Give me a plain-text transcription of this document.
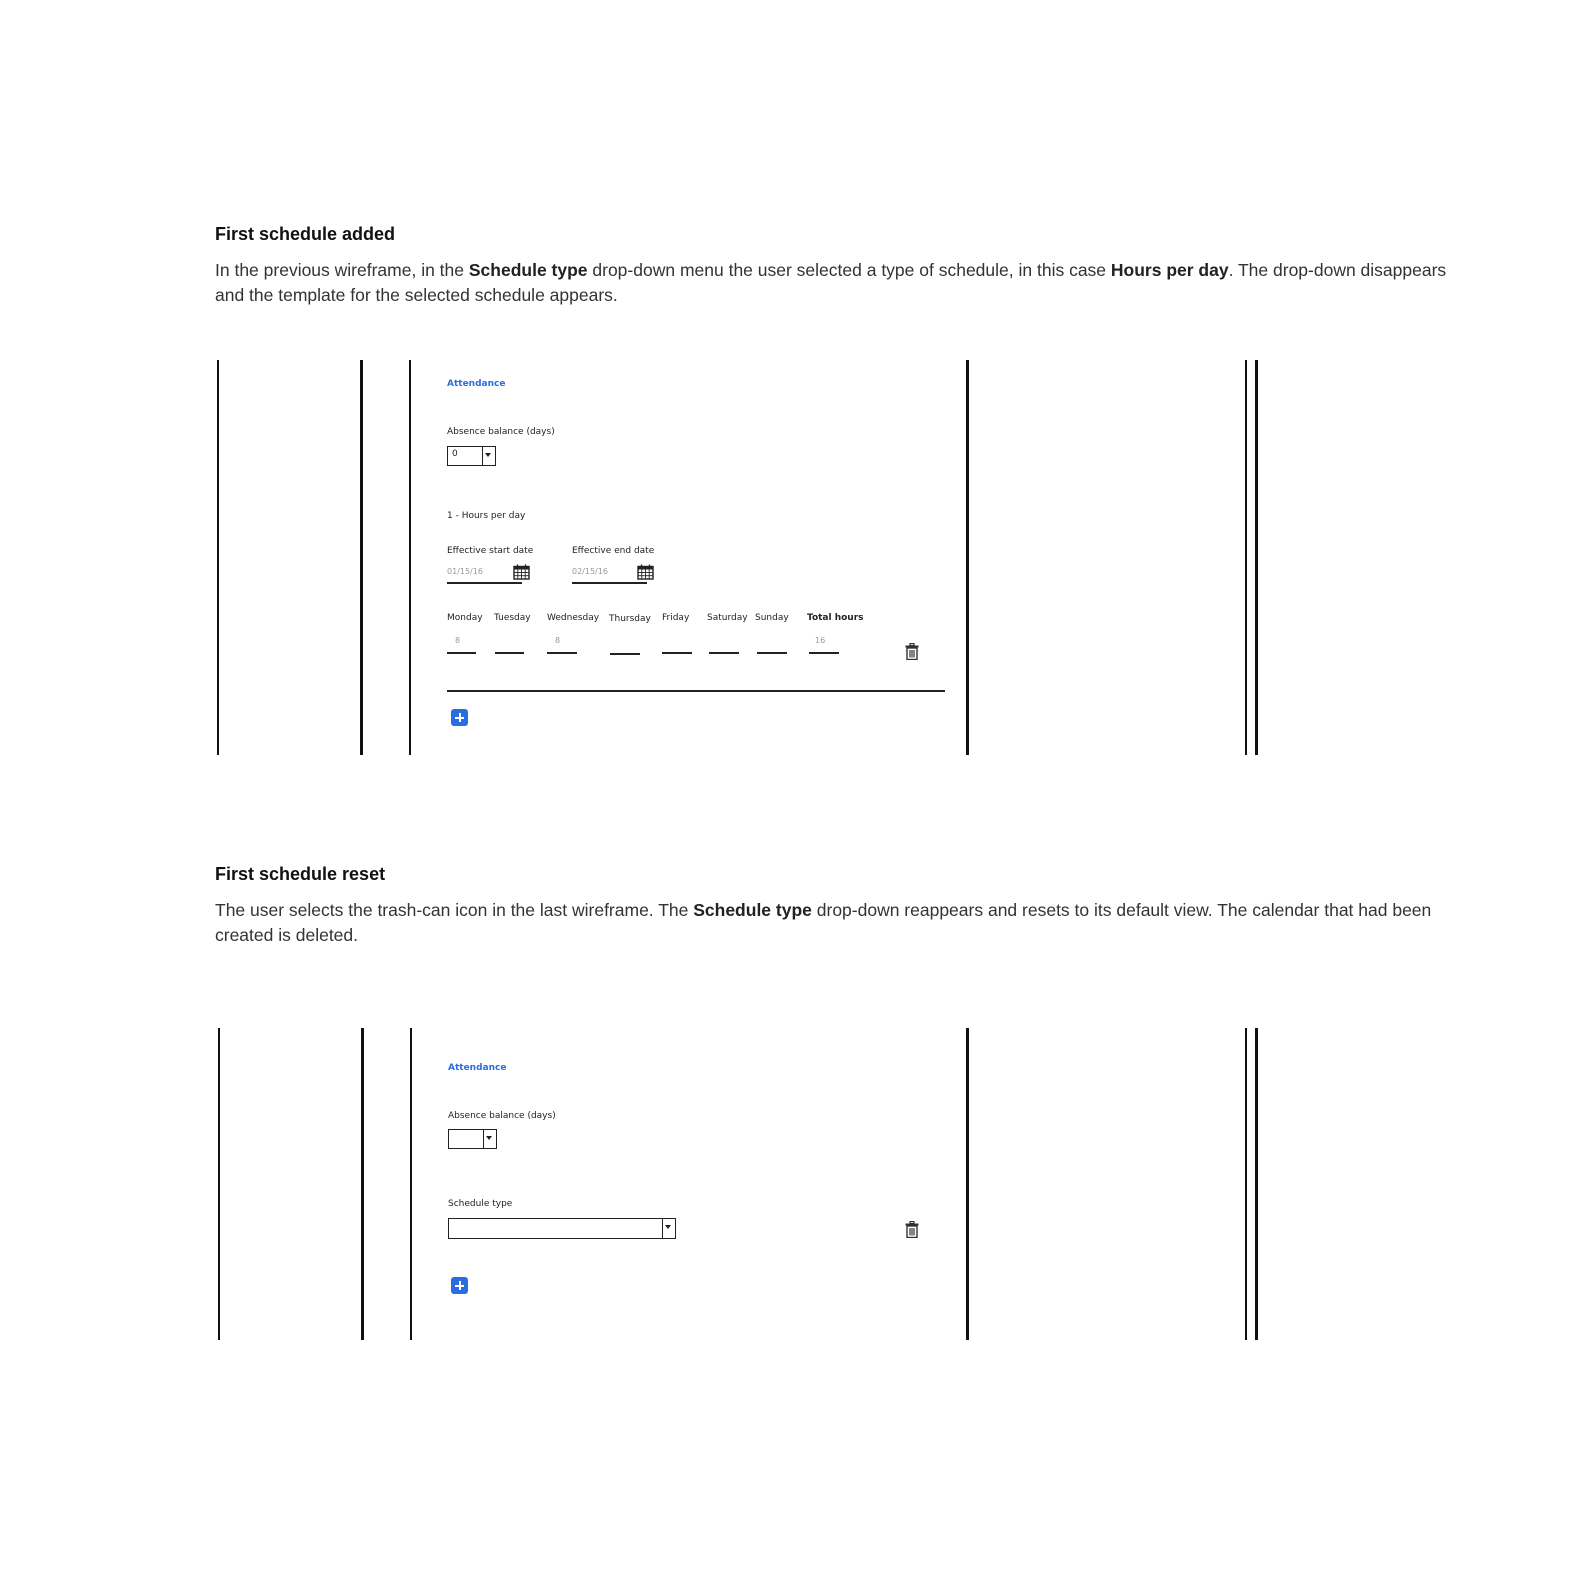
First schedule added
In the previous wireframe, in the Schedule type drop-down menu the user selected a type of schedule, in this case Hours per day. The drop-down disappears and the template for the selected schedule appears.
Attendance
Absence balance (days)
0
1 - Hours per day
Effective start date
01/15/16
Effective end date
02/15/16
Monday Tuesday Wednesday Thursday Friday Saturday Sunday Total hours
8	8	16
First schedule reset
The user selects the trash-can icon in the last wireframe. The Schedule type drop-down reappears and resets to its default view. The calendar that had been created is deleted.
Attendance
Absence balance (days)
Schedule type
